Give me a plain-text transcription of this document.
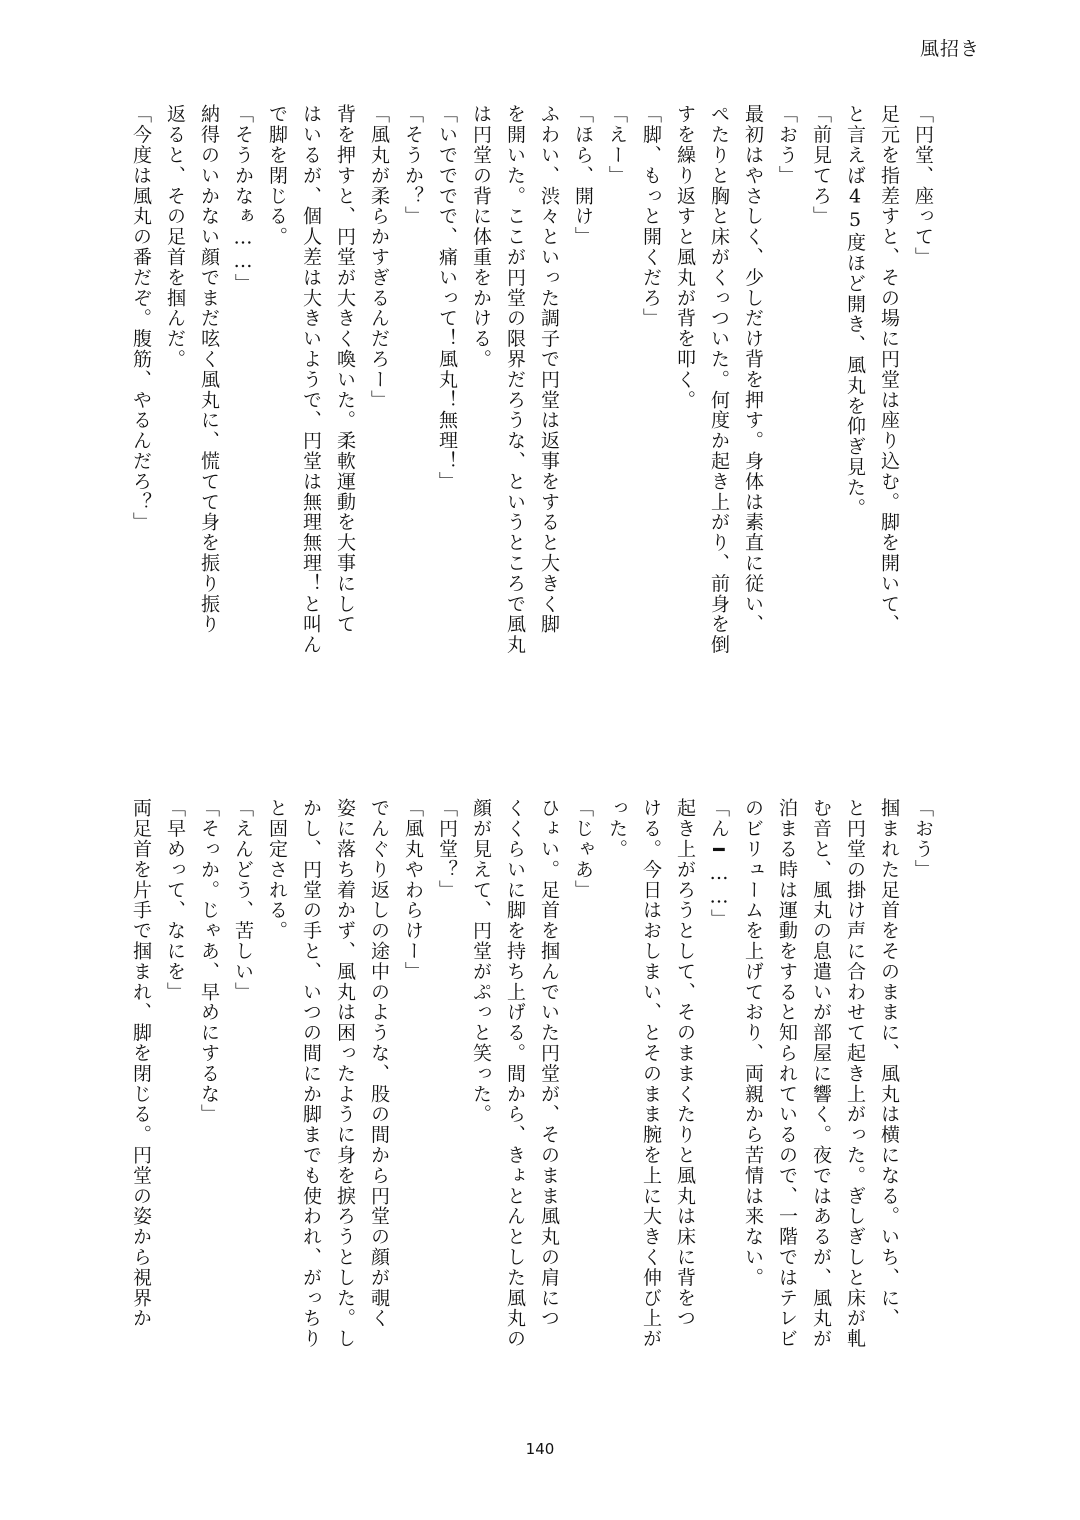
風招き
「円堂、座って」
足元を指差すと、その場に円堂は座り込む。脚を開いて、
と言えば45度ほど開き、風丸を仰ぎ見た。
「前見てろ」
「おう」
最初はやさしく、少しだけ背を押す。身体は素直に従い、
ぺたりと胸と床がくっついた。何度か起き上がり、前身を倒
すを繰り返すと風丸が背を叩く。
「脚、もっと開くだろ」
「えー」
「ほら、開け」
ふわい、渋々といった調子で円堂は返事をすると大きく脚
を開いた。ここが円堂の限界だろうな、というところで風丸
は円堂の背に体重をかける。
「いでででで、痛いって！風丸！無理！」
「そうか？」
「風丸が柔らかすぎるんだろー」
背を押すと、円堂が大きく喚いた。柔軟運動を大事にして
はいるが、個人差は大きいようで、円堂は無理無理！と叫ん
で脚を閉じる。
「そうかなぁ……」
納得のいかない顔でまだ呟く風丸に、慌てて身を振り振り
返ると、その足首を掴んだ。
「今度は風丸の番だぞ。腹筋、やるんだろ？」
「おう」
掴まれた足首をそのままに、風丸は横になる。いち、に、
と円堂の掛け声に合わせて起き上がった。ぎしぎしと床が軋
む音と、風丸の息遣いが部屋に響く。夜ではあるが、風丸が
泊まる時は運動をすると知られているので、一階ではテレビ
のビリュームを上げており、両親から苦情は来ない。
「ん━……」
起き上がろうとして、そのままくたりと風丸は床に背をつ
ける。今日はおしまい、とそのまま腕を上に大きく伸び上が
った。
「じゃあ」
ひょい。足首を掴んでいた円堂が、そのまま風丸の肩につ
くくらいに脚を持ち上げる。間から、きょとんとした風丸の
顔が見えて、円堂がぷっと笑った。
「円堂？」
「風丸やわらけー」
でんぐり返しの途中のような、股の間から円堂の顔が覗く
姿に落ち着かず、風丸は困ったように身を捩ろうとした。し
かし、円堂の手と、いつの間にか脚までも使われ、がっちり
と固定される。
「えんどう、苦しい」
「そっか。じゃあ、早めにするな」
「早めって、なにを」
両足首を片手で掴まれ、脚を閉じる。円堂の姿から視界か
140
